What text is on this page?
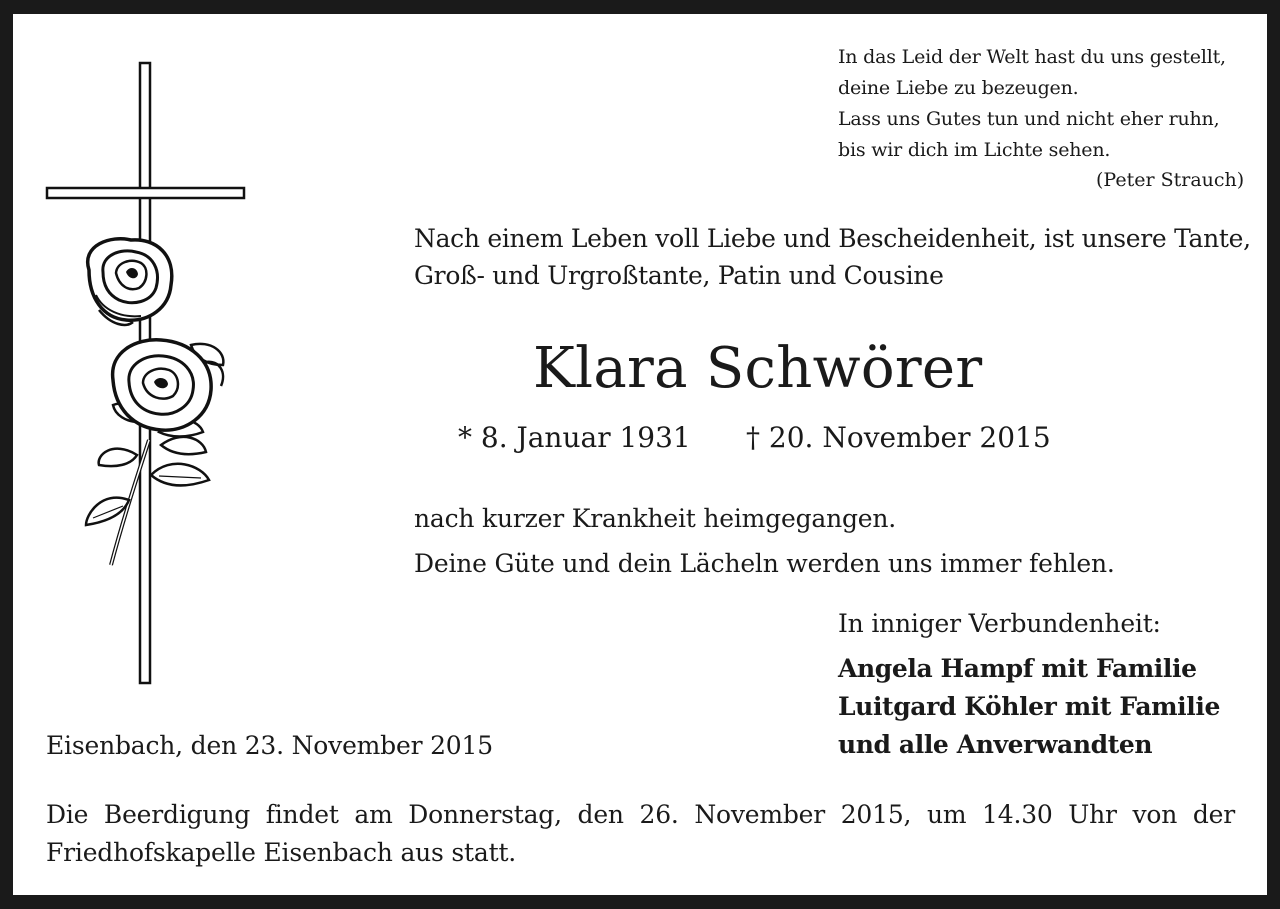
In das Leid der Welt hast du uns gestellt,
deine Liebe zu bezeugen.
Lass uns Gutes tun und nicht eher ruhn,
bis wir dich im Lichte sehen.
(Peter Strauch)
Nach einem Leben voll Liebe und Bescheidenheit, ist unsere Tante,
Groß- und Urgroßtante, Patin und Cousine
Klara Schwörer
* 8. Januar 1931 † 20. November 2015
nach kurzer Krankheit heimgegangen.
Deine Güte und dein Lächeln werden uns immer fehlen.
In inniger Verbundenheit:
Angela Hampf mit Familie
Luitgard Köhler mit Familie
und alle Anverwandten
Eisenbach, den 23. November 2015
Die Beerdigung findet am Donnerstag, den 26. November 2015, um 14.30 Uhr von der Friedhofskapelle Eisenbach aus statt.
